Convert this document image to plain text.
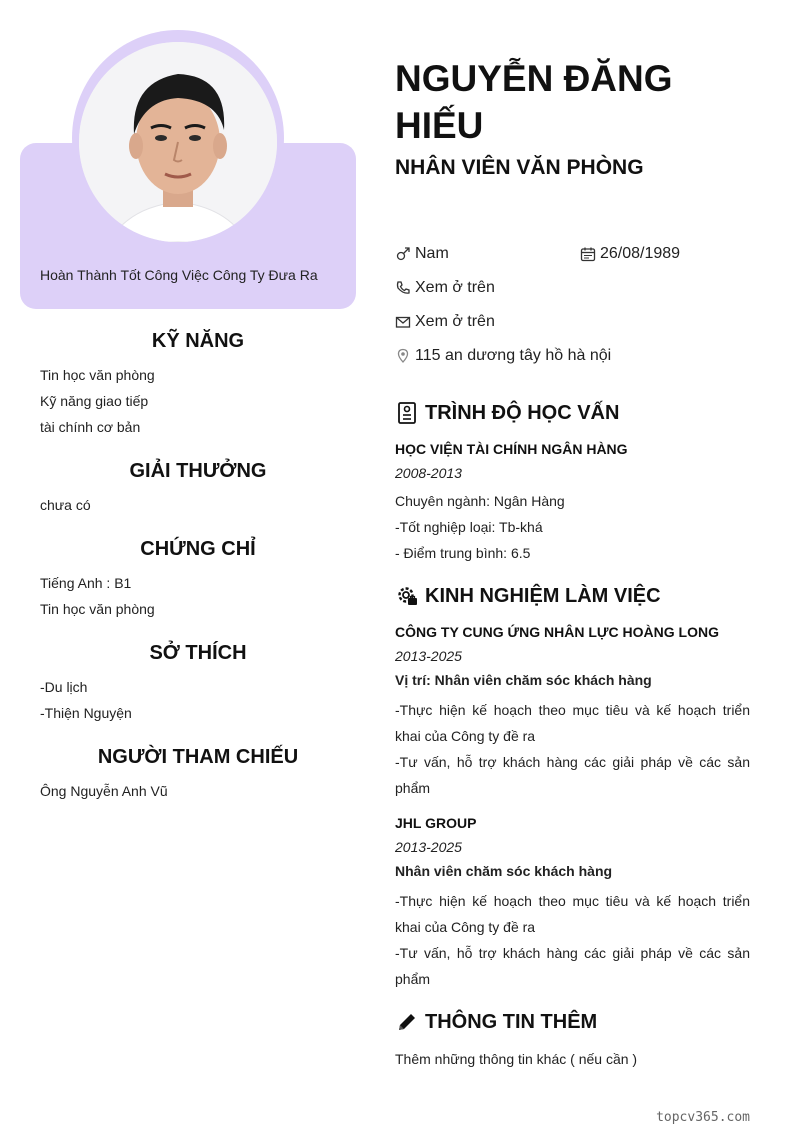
Hoàn Thành Tốt Công Việc Công Ty Đưa Ra
KỸ NĂNG
Tin học văn phòng
Kỹ năng giao tiếp
tài chính cơ bản
GIẢI THƯỞNG
chưa có
CHỨNG CHỈ
Tiếng Anh : B1
Tin học văn phòng
SỞ THÍCH
-Du lịch
-Thiện Nguyện
NGƯỜI THAM CHIẾU
Ông Nguyễn Anh Vũ
NGUYỄN ĐĂNG HIẾU
NHÂN VIÊN VĂN PHÒNG
Nam	26/08/1989
Xem ở trên
Xem ở trên
115 an dương tây hồ hà nội
TRÌNH ĐỘ HỌC VẤN
HỌC VIỆN TÀI CHÍNH NGÂN HÀNG
2008-2013
Chuyên ngành: Ngân Hàng
-Tốt nghiệp loại: Tb-khá
- Điểm trung bình: 6.5
KINH NGHIỆM LÀM VIỆC
CÔNG TY CUNG ỨNG NHÂN LỰC HOÀNG LONG
2013-2025
Vị trí: Nhân viên chăm sóc khách hàng
-Thực hiện kế hoạch theo mục tiêu và kế hoạch triển khai của Công ty đề ra
-Tư vấn, hỗ trợ khách hàng các giải pháp về các sản phẩm
JHL GROUP
2013-2025
Nhân viên chăm sóc khách hàng
-Thực hiện kế hoạch theo mục tiêu và kế hoạch triển khai của Công ty đề ra
-Tư vấn, hỗ trợ khách hàng các giải pháp về các sản phẩm
THÔNG TIN THÊM
Thêm những thông tin khác ( nếu cần )
topcv365.com
